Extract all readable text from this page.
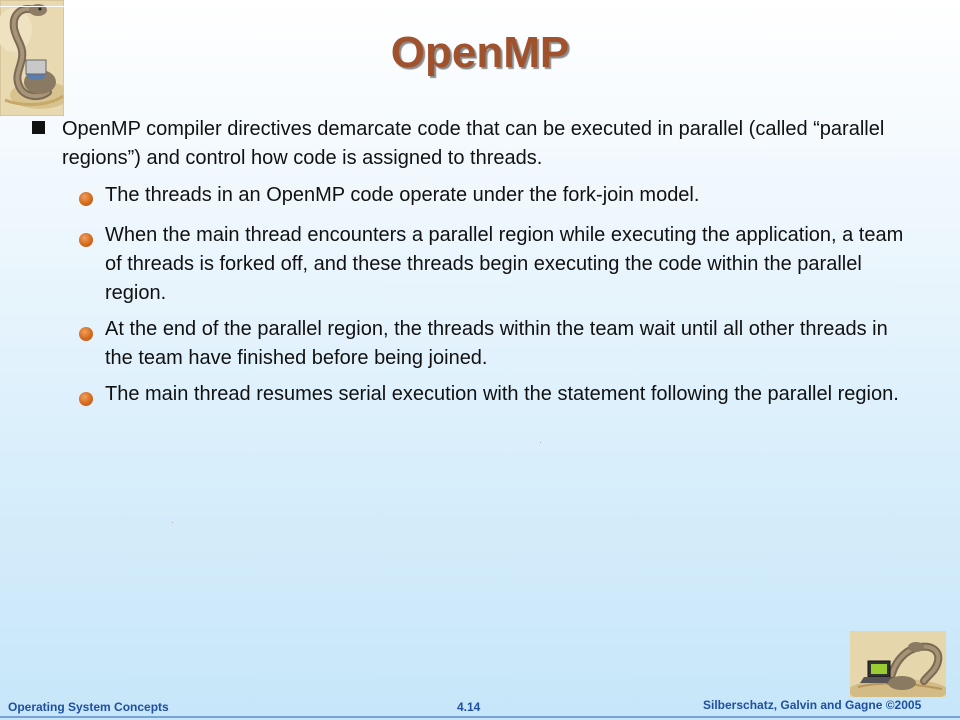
OpenMP
OpenMP compiler directives demarcate code that can be executed in parallel (called “parallel regions”) and control how code is assigned to threads.
The threads in an OpenMP code operate under the fork-join model.
When the main thread encounters a parallel region while executing the application, a team of threads is forked off, and these threads begin executing the code within the parallel region.
At the end of the parallel region, the threads within the team wait until all other threads in the team have finished before being joined.
The main thread resumes serial execution with the statement following the parallel region.
Operating System Concepts	4.14	Silberschatz, Galvin and Gagne ©2005
